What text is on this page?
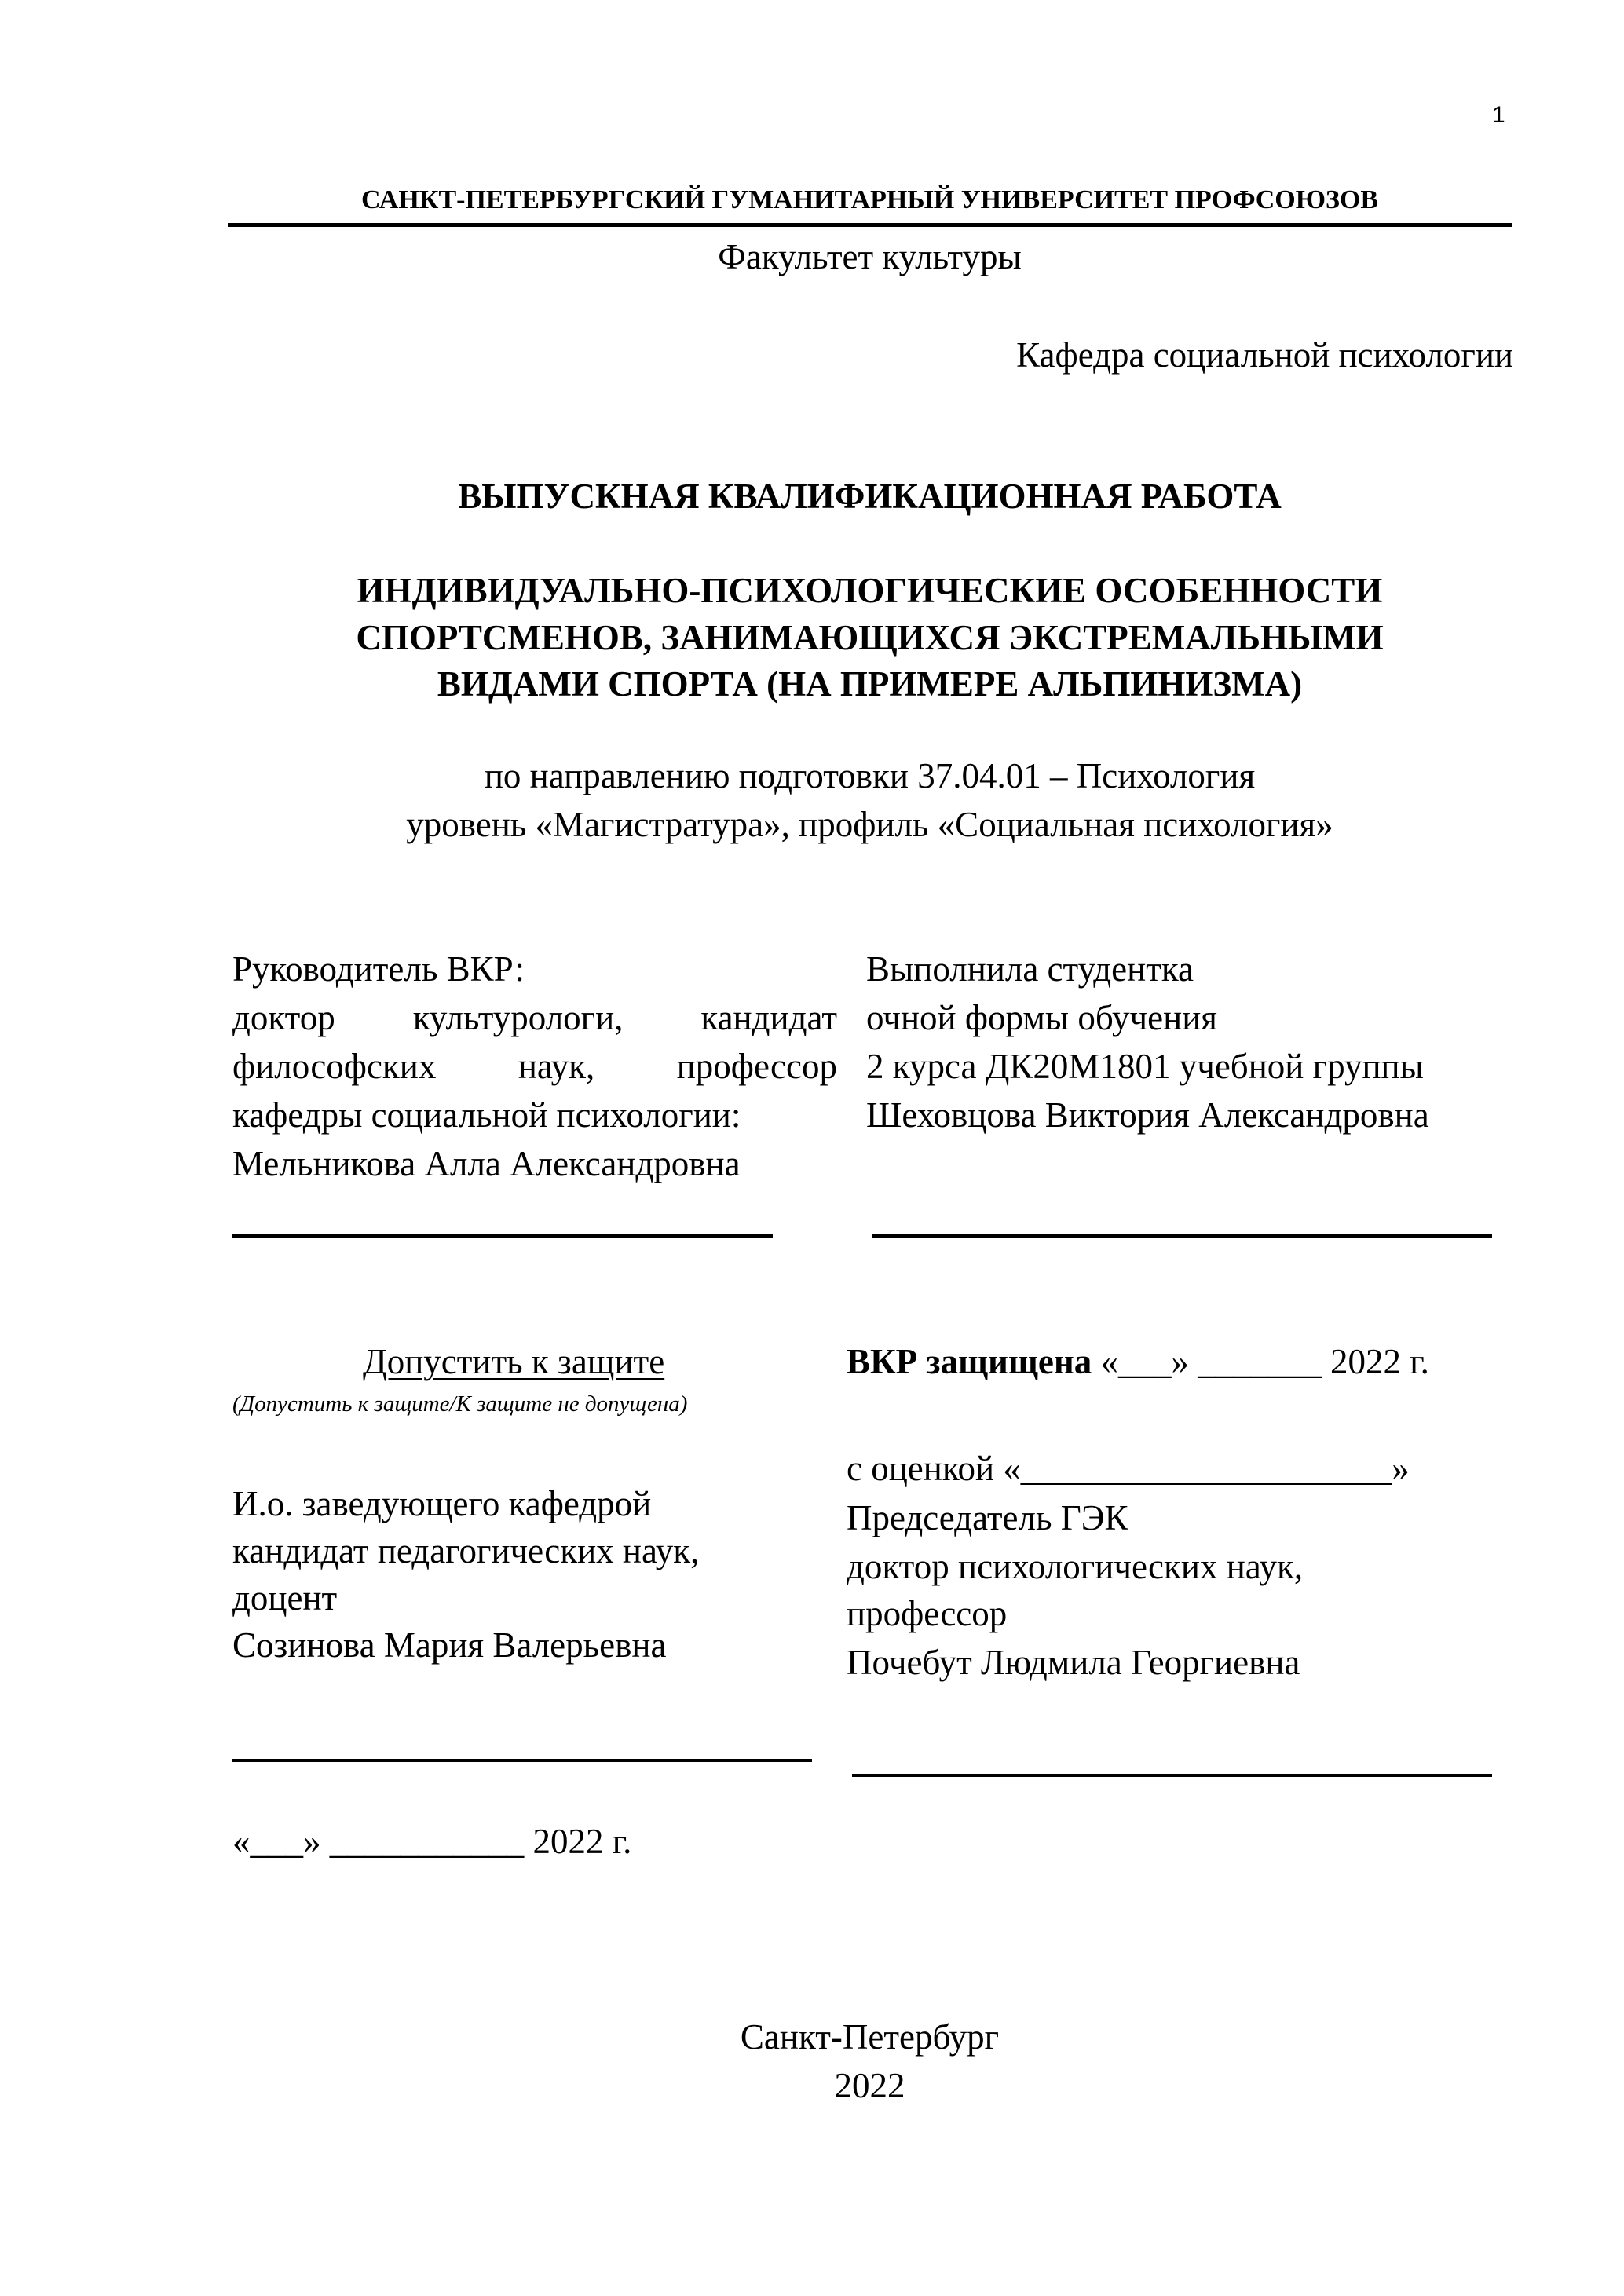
1
САНКТ-ПЕТЕРБУРГСКИЙ ГУМАНИТАРНЫЙ УНИВЕРСИТЕТ ПРОФСОЮЗОВ
Факультет культуры
Кафедра социальной психологии
ВЫПУСКНАЯ КВАЛИФИКАЦИОННАЯ РАБОТА
ИНДИВИДУАЛЬНО-ПСИХОЛОГИЧЕСКИЕ ОСОБЕННОСТИ
СПОРТСМЕНОВ, ЗАНИМАЮЩИХСЯ ЭКСТРЕМАЛЬНЫМИ
ВИДАМИ СПОРТА (НА ПРИМЕРЕ АЛЬПИНИЗМА)
по направлению подготовки 37.04.01 – Психология
уровень «Магистратура», профиль «Социальная психология»
Руководитель ВКР:
доктор культурологи, кандидат
философских наук, профессор
кафедры социальной психологии:
Мельникова Алла Александровна
Выполнила студентка
очной формы обучения
2 курса ДК20М1801 учебной группы
Шеховцова Виктория Александровна
Допустить к защите
(Допустить к защите/К защите не допущена)
И.о. заведующего кафедрой
кандидат педагогических наук,
доцент
Созинова Мария Валерьевна
«___» ___________ 2022 г.
ВКР защищена «___» _______ 2022 г.
с оценкой «_____________________»
Председатель ГЭК
доктор психологических наук,
профессор
Почебут Людмила Георгиевна
Санкт-Петербург
2022
